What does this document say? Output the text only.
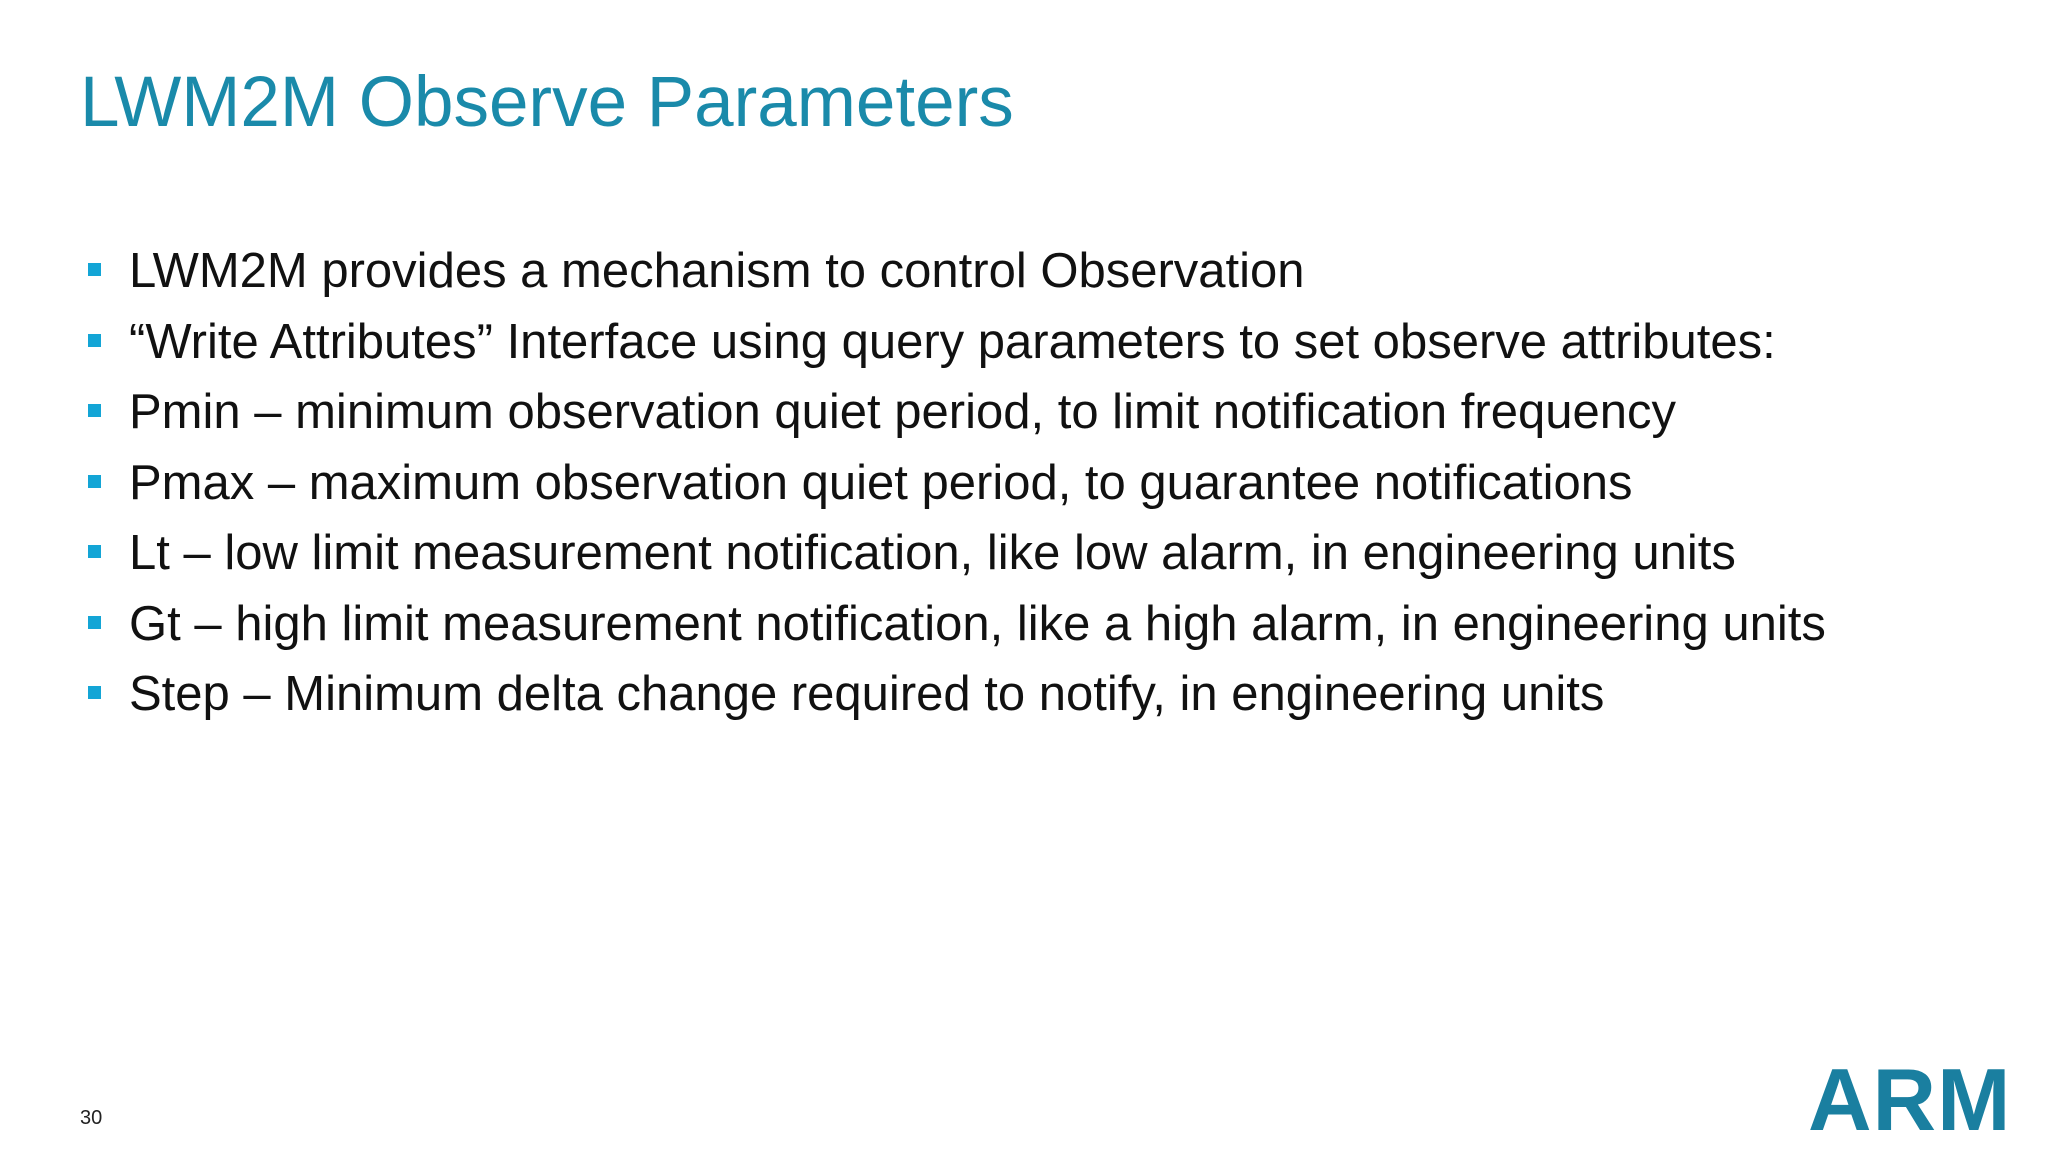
LWM2M Observe Parameters
LWM2M provides a mechanism to control Observation
“Write Attributes” Interface using query parameters to set observe attributes:
Pmin – minimum observation quiet period, to limit notification frequency
Pmax – maximum observation quiet period, to guarantee notifications
Lt – low limit measurement notification, like low alarm, in engineering units
Gt – high limit measurement notification, like a high alarm, in engineering units
Step – Minimum delta change required to notify, in engineering units
30	ARM
